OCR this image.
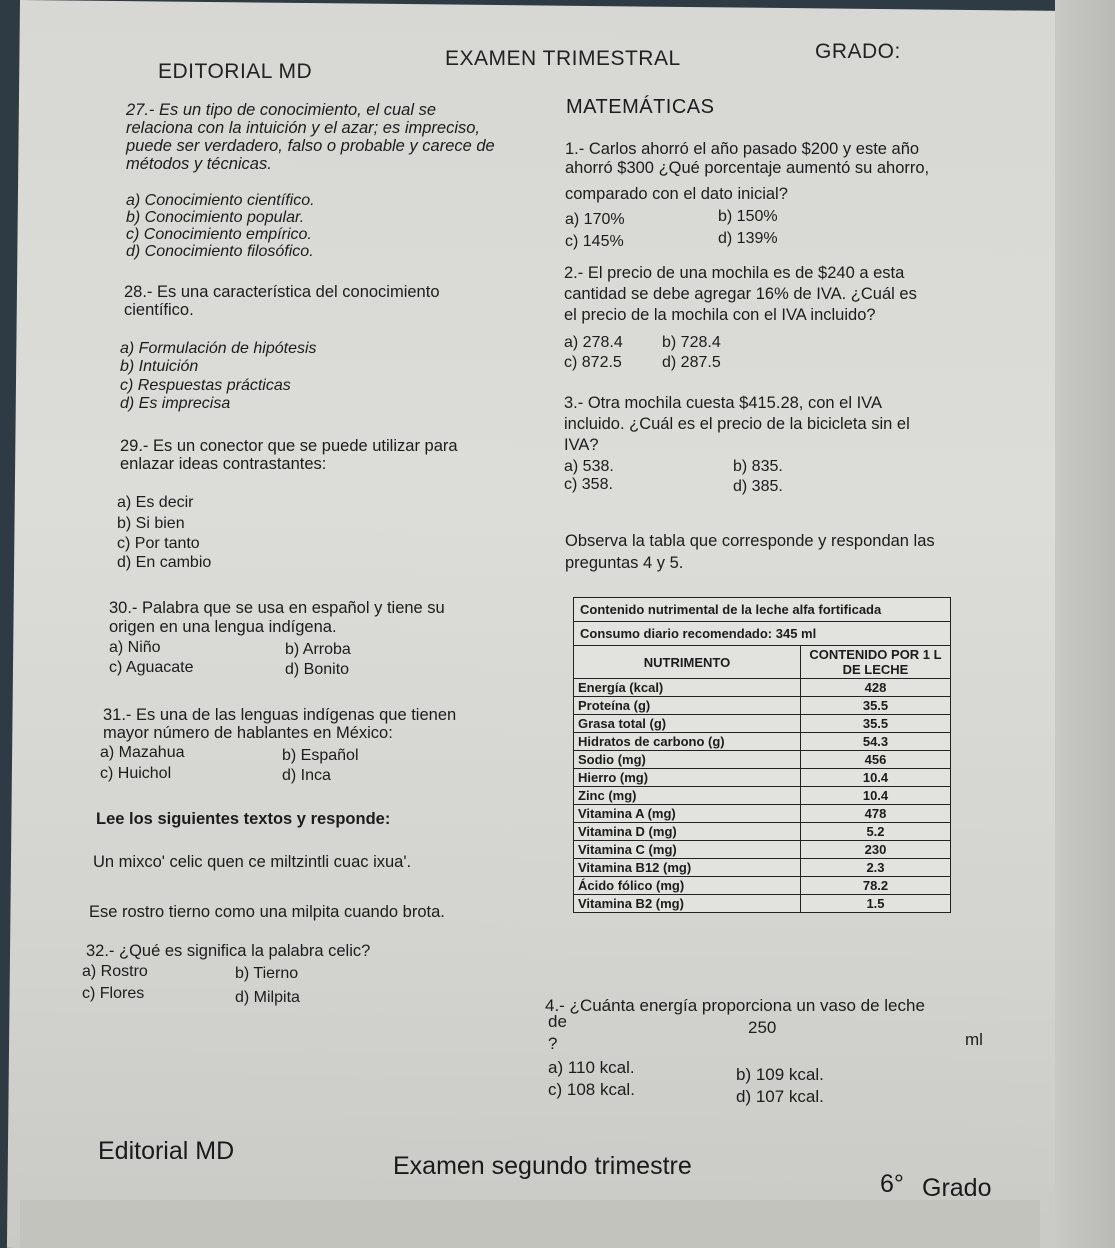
EDITORIAL MD
EXAMEN TRIMESTRAL	GRADO:
27.- Es un tipo de conocimiento, el cual se
relaciona con la intuición y el azar; es impreciso,
puede ser verdadero, falso o probable y carece de
métodos y técnicas.
a) Conocimiento científico.
b) Conocimiento popular.
c) Conocimiento empírico.
d) Conocimiento filosófico.
28.- Es una característica del conocimiento
científico.
a) Formulación de hipótesis
b) Intuición
c) Respuestas prácticas
d) Es imprecisa
29.- Es un conector que se puede utilizar para
enlazar ideas contrastantes:
a) Es decir
b) Si bien
c) Por tanto
d) En cambio
30.- Palabra que se usa en español y tiene su
origen en una lengua indígena.
a) Niño	b) Arroba
c) Aguacate	d) Bonito
31.- Es una de las lenguas indígenas que tienen
mayor número de hablantes en México:
a) Mazahua	b) Español
c) Huichol	d) Inca
Lee los siguientes textos y responde:
Un mixco' celic quen ce miltzintli cuac ixua'.
Ese rostro tierno como una milpita cuando brota.
32.- ¿Qué es significa la palabra celic?
a) Rostro	b) Tierno
c) Flores	d) Milpita
MATEMÁTICAS
1.- Carlos ahorró el año pasado $200 y este año
ahorró $300 ¿Qué porcentaje aumentó su ahorro,
comparado con el dato inicial?
a) 170%	b) 150%
c) 145%	d) 139%
2.- El precio de una mochila es de $240 a esta
cantidad se debe agregar 16% de IVA. ¿Cuál es
el precio de la mochila con el IVA incluido?
a) 278.4 b) 728.4
c) 872.5	d) 287.5
3.- Otra mochila cuesta $415.28, con el IVA
incluido. ¿Cuál es el precio de la bicicleta sin el
IVA?
a) 538.	b) 835.
c) 358.	d) 385.
Observa la tabla que corresponde y respondan las
preguntas 4 y 5.
Contenido nutrimental de la leche alfa fortificada	
Consumo diario recomendado: 345 ml	
NUTRIMENTO	CONTENIDO POR 1 L DE LECHE
Energía (kcal)	428
Proteína (g)	35.5
Grasa total (g)	35.5
Hidratos de carbono (g)	54.3
Sodio (mg)	456
Hierro (mg)	10.4
Zinc (mg)	10.4
Vitamina A (mg)	478
Vitamina D (mg)	5.2
Vitamina C (mg)	230
Vitamina B12 (mg)	2.3
Ácido fólico (mg)	78.2
Vitamina B2 (mg)	1.5
4.- ¿Cuánta energía proporciona un vaso de leche
de	250
ml
?
a) 110 kcal.	b) 109 kcal.
c) 108 kcal.	d) 107 kcal.
Editorial MD
Examen segundo trimestre
6° Grado
